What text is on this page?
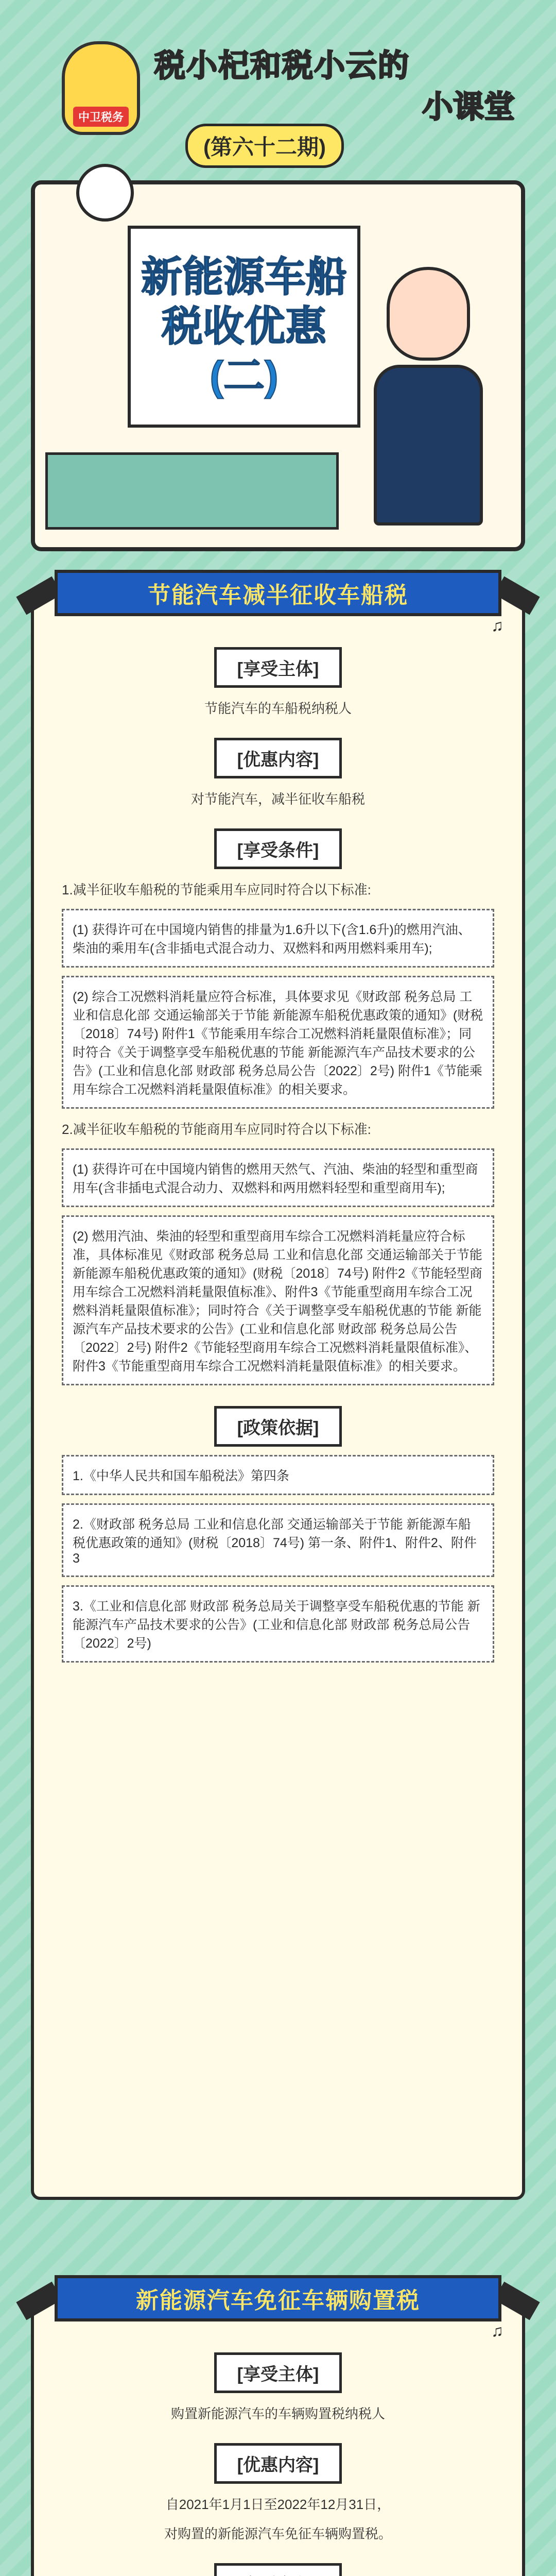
中卫税务
税小杞和税小云的
小课堂
(第六十二期)
新能源车船
税收优惠
(二)
节能汽车减半征收车船税
♫
[享受主体]
节能汽车的车船税纳税人
[优惠内容]
对节能汽车，减半征收车船税
[享受条件]
1.减半征收车船税的节能乘用车应同时符合以下标准:
(1) 获得许可在中国境内销售的排量为1.6升以下(含1.6升)的燃用汽油、柴油的乘用车(含非插电式混合动力、双燃料和两用燃料乘用车);
(2) 综合工况燃料消耗量应符合标准，具体要求见《财政部 税务总局 工业和信息化部 交通运输部关于节能 新能源车船税优惠政策的通知》(财税〔2018〕74号) 附件1《节能乘用车综合工况燃料消耗量限值标准》；同时符合《关于调整享受车船税优惠的节能 新能源汽车产品技术要求的公告》(工业和信息化部 财政部 税务总局公告〔2022〕2号) 附件1《节能乘用车综合工况燃料消耗量限值标准》的相关要求。
2.减半征收车船税的节能商用车应同时符合以下标准:
(1) 获得许可在中国境内销售的燃用天然气、汽油、柴油的轻型和重型商用车(含非插电式混合动力、双燃料和两用燃料轻型和重型商用车);
(2) 燃用汽油、柴油的轻型和重型商用车综合工况燃料消耗量应符合标准，具体标准见《财政部 税务总局 工业和信息化部 交通运输部关于节能 新能源车船税优惠政策的通知》(财税〔2018〕74号) 附件2《节能轻型商用车综合工况燃料消耗量限值标准》、附件3《节能重型商用车综合工况燃料消耗量限值标准》；同时符合《关于调整享受车船税优惠的节能 新能源汽车产品技术要求的公告》(工业和信息化部 财政部 税务总局公告〔2022〕2号) 附件2《节能轻型商用车综合工况燃料消耗量限值标准》、附件3《节能重型商用车综合工况燃料消耗量限值标准》的相关要求。
[政策依据]
1.《中华人民共和国车船税法》第四条
2.《财政部 税务总局 工业和信息化部 交通运输部关于节能 新能源车船税优惠政策的通知》(财税〔2018〕74号) 第一条、附件1、附件2、附件3
3.《工业和信息化部 财政部 税务总局关于调整享受车船税优惠的节能 新能源汽车产品技术要求的公告》(工业和信息化部 财政部 税务总局公告〔2022〕2号)
新能源汽车免征车辆购置税
♫
[享受主体]
购置新能源汽车的车辆购置税纳税人
[优惠内容]
自2021年1月1日至2022年12月31日，
对购置的新能源汽车免征车辆购置税。
